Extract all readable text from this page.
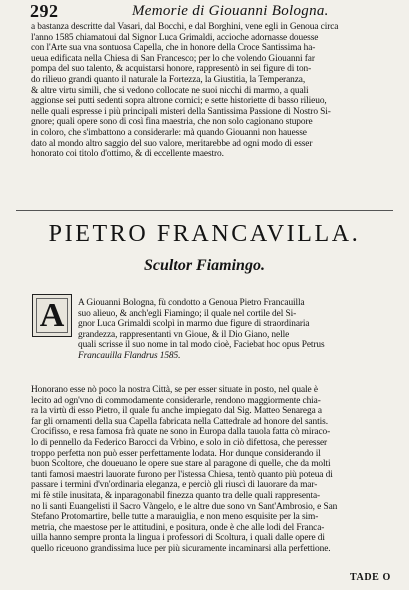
292	Memorie di Giouanni Bologna.
a bastanza descritte dal Vasari, dal Bocchi, e dal Borghini, vene egli in Genoua circa
l'anno 1585 chiamatoui dal Signor Luca Grimaldi, accioche adornasse douesse
con l'Arte sua vna sontuosa Capella, che in honore della Croce Santissima ha-
ueua edificata nella Chiesa di San Francesco; per lo che volendo Giouanni far
pompa del suo talento, & acquistarsi honore, rappresentò in sei figure di ton-
do rilieuo grandi quanto il naturale la Fortezza, la Giustitia, la Temperanza,
& altre virtu simili, che si vedono collocate ne suoi nicchi di marmo, a quali
aggionse sei putti sedenti sopra altrone cornici; e sette historiette di basso rilieuo,
nelle quali espresse i più principali misteri della Santissima Passione di Nostro Si-
gnore; quali opere sono di così fina maestria, che non solo cagionano stupore
in coloro, che s'imbattono a considerarle: mà quando Giouanni non hauesse
dato al mondo altro saggio del suo valore, meritarebbe ad ogni modo di esser
honorato coi titolo d'ottimo, & di eccellente maestro.
PIETRO FRANCAVILLA.
Scultor Fiamingo.
A	A Giouanni Bologna, fù condotto a Genoua Pietro Francauilla
suo alieuo, & anch'egli Fiamingo; il quale nel cortile del Si-
gnor Luca Grimaldi scolpì in marmo due figure di straordinaria
grandezza, rappresentanti vn Gioue, & il Dio Giano, nelle
quali scrisse il suo nome in tal modo cioè, Faciebat hoc opus Petrus
Francauilla Flandrus 1585.
Honorano esse nò poco la nostra Città, se per esser situate in posto, nel quale è
lecito ad ogn'vno di commodamente considerarle, rendono maggiormente chia-
ra la virtù di esso Pietro, il quale fu anche impiegato dal Sig. Matteo Senarega a
far gli ornamenti della sua Capella fabricata nella Cattedrale ad honore del santis.
Crocifisso, e resa famosa frà quate ne sono in Europa dalla tauola fatta cò miraco-
lo di pennello da Federico Barocci da Vrbino, e solo in ciò difettosa, che peresser
troppo perfetta non può esser perfettamente lodata. Hor dunque considerando il
buon Scoltore, che doueuano le opere sue stare al paragone di quelle, che da molti
tanti famosi maestri lauorate furono per l'istessa Chiesa, tentò quanto più poteua di
passare i termini d'vn'ordinaria eleganza, e perciò gli riuscì di lauorare da mar-
mi fè stile inusitata, & inparagonabil finezza quanto tra delle quali rappresenta-
no li santi Euangelisti il Sacro Vàngelo, e le altre due sono vn Sant'Ambrosio, e San
Stefano Protomartire, belle tutte a marauiglia, e non meno esquisite per la sim-
metria, che maestose per le attitudini, e positura, onde è che alle lodi del Franca-
uilla hanno sempre pronta la lingua i professori di Scoltura, i quali dalle opere di
quello riceuono grandissima luce per più sicuramente incaminarsi alla perfettione.
TADE O
